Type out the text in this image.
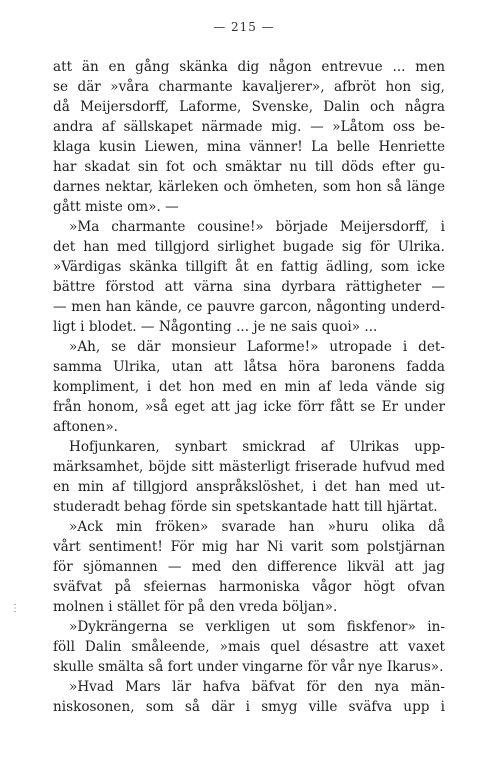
— 215 —
⋮
att än en gång skänka dig någon entrevue ... men
se där »våra charmante kavaljerer», afbröt hon sig,
då Meijersdorff, Laforme, Svenske, Dalin och några
andra af sällskapet närmade mig. — »Låtom oss be-
klaga kusin Liewen, mina vänner! La belle Henriette
har skadat sin fot och smäktar nu till döds efter gu-
darnes nektar, kärleken och ömheten, som hon så länge
gått miste om». —
»Ma charmante cousine!» började Meijersdorff, i
det han med tillgjord sirlighet bugade sig för Ulrika.
»Värdigas skänka tillgift åt en fattig ädling, som icke
bättre förstod att värna sina dyrbara rättigheter —
— men han kände, ce pauvre garcon, någonting underd-
ligt i blodet. — Någonting ... je ne sais quoi» ...
»Ah, se där monsieur Laforme!» utropade i det-
samma Ulrika, utan att låtsa höra baronens fadda
kompliment, i det hon med en min af leda vände sig
från honom, »så eget att jag icke förr fått se Er under
aftonen».
Hofjunkaren, synbart smickrad af Ulrikas upp-
märksamhet, böjde sitt mästerligt friserade hufvud med
en min af tillgjord anspråkslöshet, i det han med ut-
studeradt behag förde sin spetskantade hatt till hjärtat.
»Ack min fröken» svarade han »huru olika då
vårt sentiment! För mig har Ni varit som polstjärnan
för sjömannen — med den difference likväl att jag
sväfvat på sfeiernas harmoniska vågor högt ofvan
molnen i stället för på den vreda böljan».
»Dykrängerna se verkligen ut som fiskfenor» in-
föll Dalin småleende, »mais quel désastre att vaxet
skulle smälta så fort under vingarne för vår nye Ikarus».
»Hvad Mars lär hafva bäfvat för den nya män-
niskosonen, som så där i smyg ville sväfva upp i
